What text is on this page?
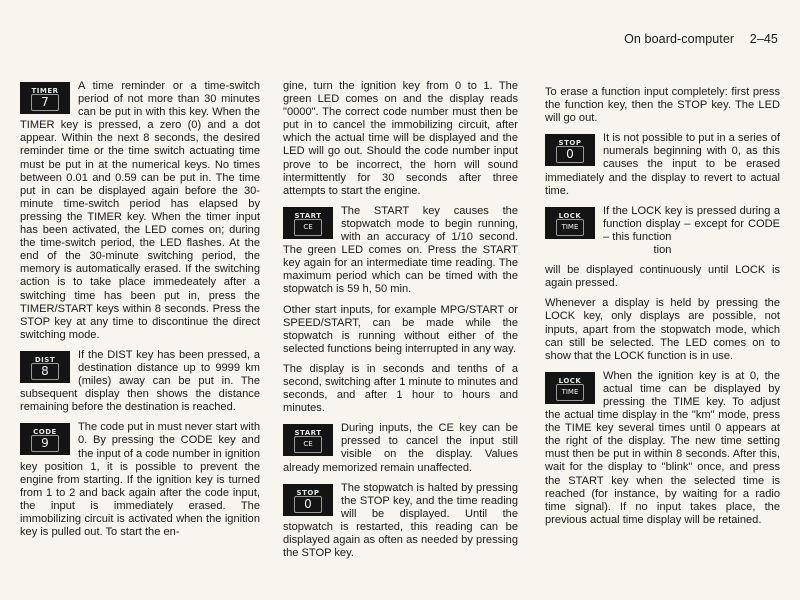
On board-computer 2–45
TIMER
7
A time reminder or a time-switch period of not more than 30 minutes can be put in with this key. When the TIMER key is pressed, a zero (0) and a dot appear. Within the next 8 seconds, the desired reminder time or the time switch actuating time must be put in at the numerical keys. No times between 0.01 and 0.59 can be put in. The time put in can be displayed again before the 30-minute time-switch period has elapsed by pressing the TIMER key. When the timer input has been activated, the LED comes on; during the time-switch period, the LED flashes. At the end of the 30-minute switching period, the memory is automatically erased. If the switching action is to take place immedeately after a switching time has been put in, press the TIMER/START keys within 8 seconds. Press the STOP key at any time to discontinue the direct switching mode.
DIST
8
If the DIST key has been pressed, a destination distance up to 9999 km (miles) away can be put in. The subsequent display then shows the distance remaining before the destination is reached.
CODE
9
The code put in must never start with 0. By pressing the CODE key and the input of a code number in ignition key position 1, it is possible to prevent the engine from starting. If the ignition key is turned from 1 to 2 and back again after the code input, the input is immediately erased. The immobilizing circuit is activated when the ignition key is pulled out. To start the en-

gine, turn the ignition key from 0 to 1. The green LED comes on and the display reads "0000". The correct code number must then be put in to cancel the immobilizing circuit, after which the actual time will be displayed and the LED will go out. Should the code number input prove to be incorrect, the horn will sound intermittently for 30 seconds after three attempts to start the engine.

START
CE
The START key causes the stopwatch mode to begin running, with an accuracy of 1/10 second. The green LED comes on. Press the START key again for an intermediate time reading. The maximum period which can be timed with the stopwatch is 59 h, 50 min.

Other start inputs, for example MPG/START or SPEED/START, can be made while the stopwatch is running without either of the selected functions being interrupted in any way.

The display is in seconds and tenths of a second, switching after 1 minute to minutes and seconds, and after 1 hour to hours and minutes.

START
CE
During inputs, the CE key can be pressed to cancel the input still visible on the display. Values already memorized remain unaffected.
STOP
0
The stopwatch is halted by pressing the STOP key, and the time reading will be displayed. Until the stopwatch is restarted, this reading can be displayed again as often as needed by pressing the STOP key.

To erase a function input completely: first press the function key, then the STOP key. The LED will go out.

STOP
0
It is not possible to put in a series of numerals beginning with 0, as this causes the input to be erased immediately and the display to revert to actual time.
LOCK
TIME
If the LOCK key is pressed during a function display – except for CODE – this function
tion

will be displayed continuously until LOCK is again pressed.

Whenever a display is held by pressing the LOCK key, only displays are possible, not inputs, apart from the stopwatch mode, which can still be selected. The LED comes on to show that the LOCK function is in use.

LOCK
TIME
When the ignition key is at 0, the actual time can be displayed by pressing the TIME key. To adjust the actual time display in the "km" mode, press the TIME key several times until 0 appears at the right of the display. The new time setting must then be put in within 8 seconds. After this, wait for the display to "blink" once, and press the START key when the selected time is reached (for instance, by waiting for a radio time signal). If no input takes place, the previous actual time display will be retained.
